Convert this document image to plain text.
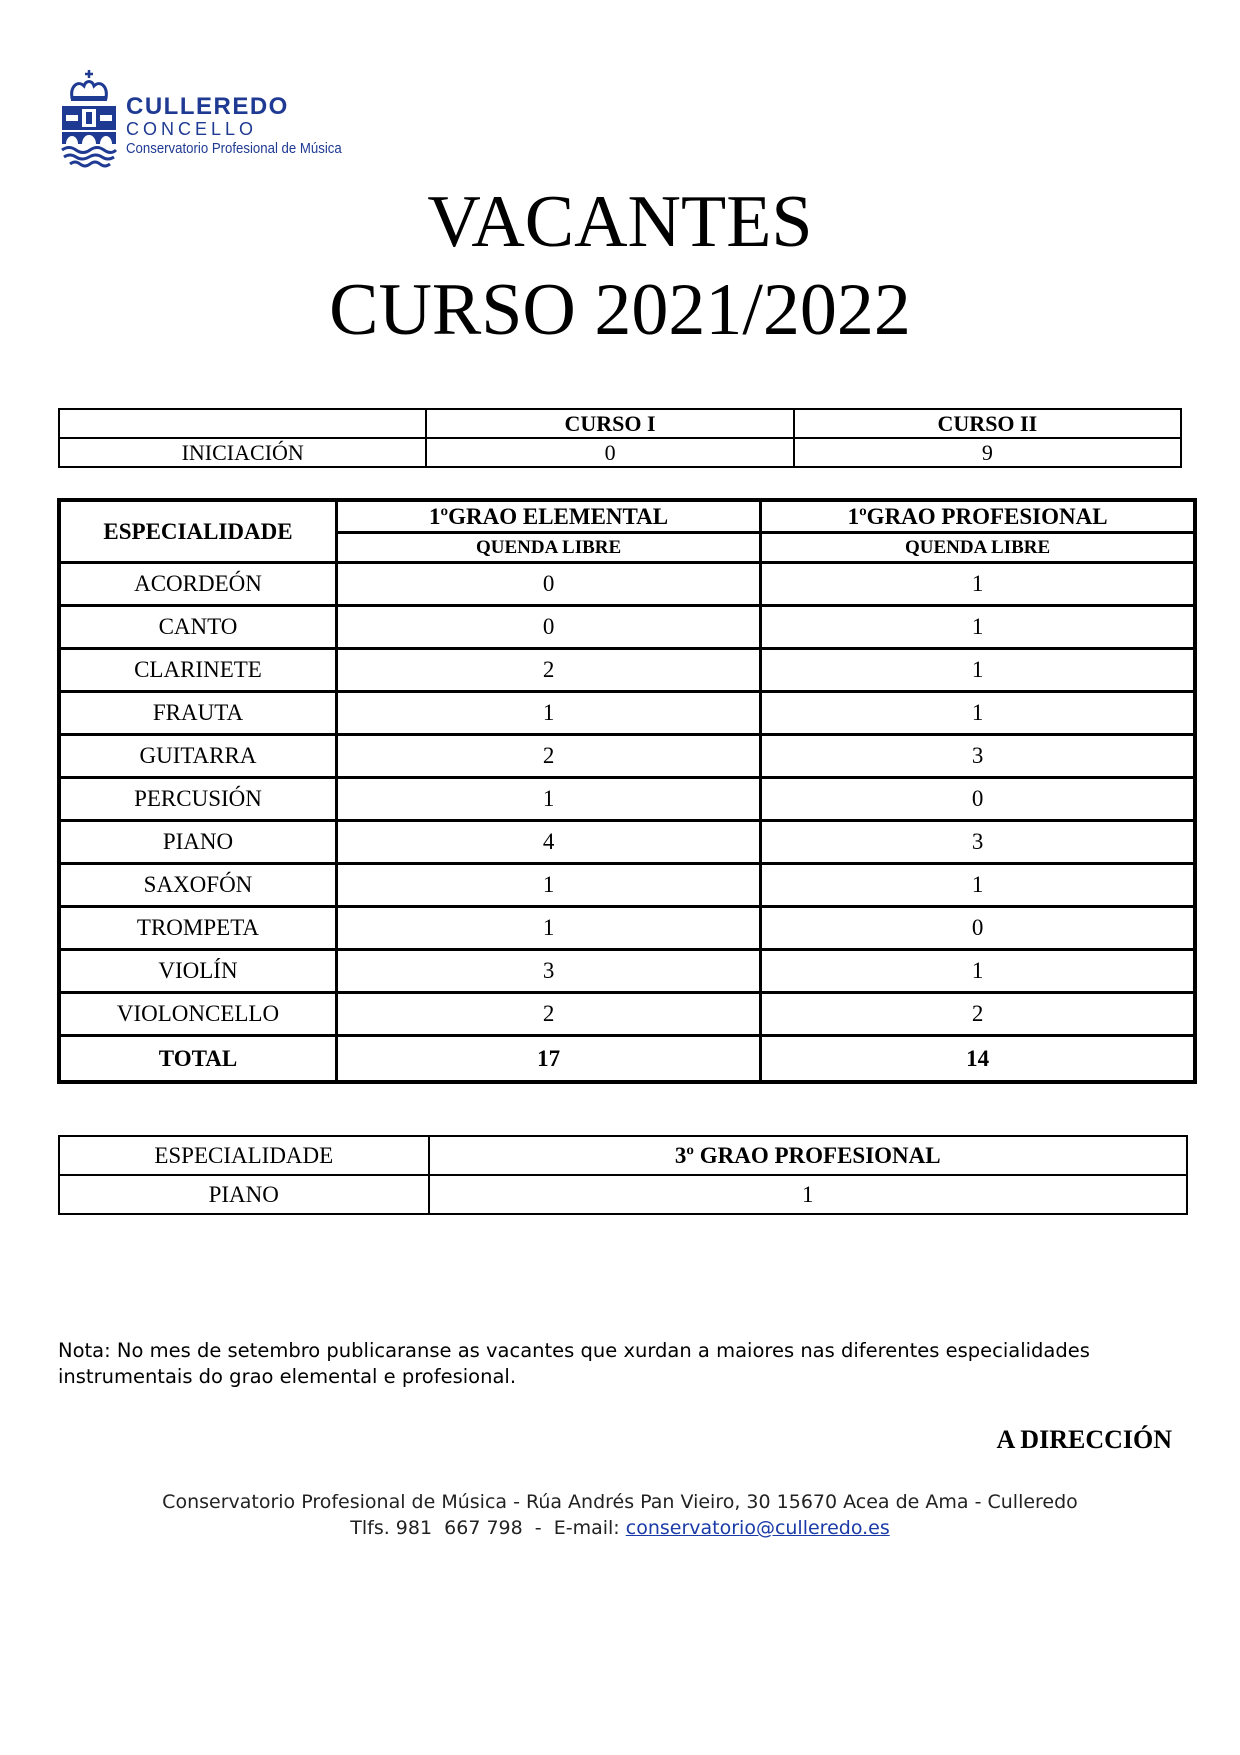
CULLEREDO
CONCELLO
Conservatorio Profesional de Música
VACANTES
CURSO 2021/2022
	CURSO I	CURSO II
INICIACIÓN	0	9
ESPECIALIDADE	1ºGRAO ELEMENTAL	1ºGRAO PROFESIONAL
	QUENDA LIBRE	QUENDA LIBRE
ACORDEÓN	0	1
CANTO	0	1
CLARINETE	2	1
FRAUTA	1	1
GUITARRA	2	3
PERCUSIÓN	1	0
PIANO	4	3
SAXOFÓN	1	1
TROMPETA	1	0
VIOLÍN	3	1
VIOLONCELLO	2	2
TOTAL	17	14
ESPECIALIDADE	3º GRAO PROFESIONAL
PIANO	1
Nota: No mes de setembro publicaranse as vacantes que xurdan a maiores nas diferentes especialidades
instrumentais do grao elemental e profesional.
A DIRECCIÓN
Conservatorio Profesional de Música - Rúa Andrés Pan Vieiro, 30 15670 Acea de Ama - Culleredo
Tlfs. 981  667 798  -  E-mail: conservatorio@culleredo.es
